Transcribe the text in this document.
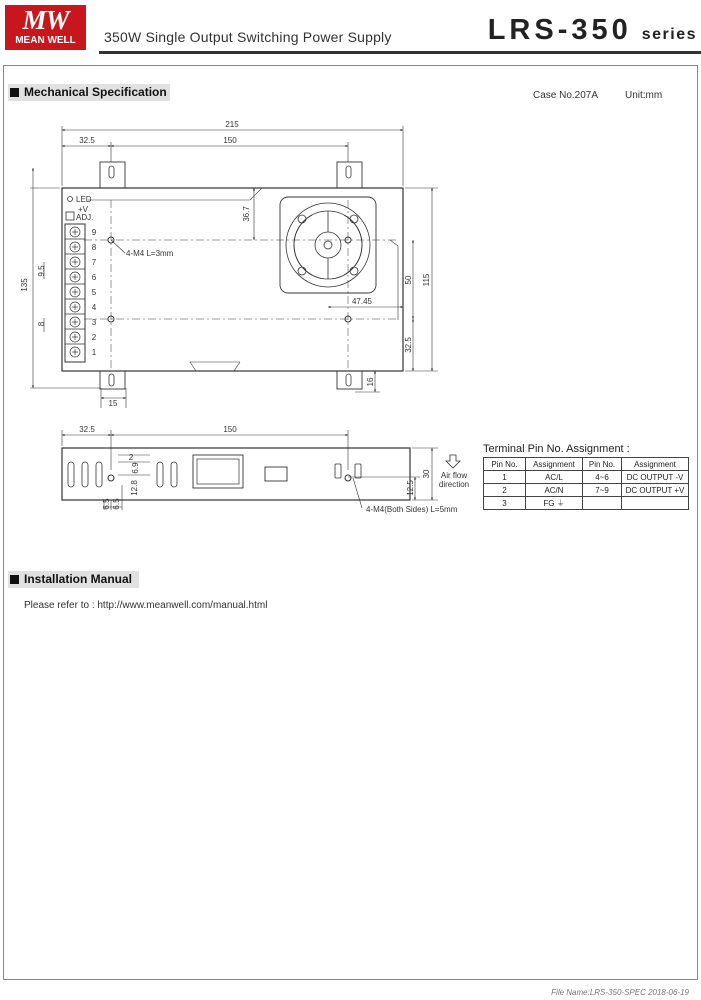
MW
MEAN WELL	350W Single Output Switching Power Supply	LRS-350 series
Mechanical Specification	Case No.207A	Unit:mm
215
32.5	150
135
9.5
8
36.7
50 115
47.45
32.5
16
15
4-M4 L=3mm
LED
+V
ADJ.
9
8
7
6
5
4
3
2
1
32.5	150
2
6.9
12.8
6.5 6.5
12.5
30 Air flow
direction
4-M4(Both Sides) L=5mm
Terminal Pin No. Assignment :
Pin No.	Assignment	Pin No.	Assignment
1	AC/L	4~6	DC OUTPUT -V
2	AC/N	7~9	DC OUTPUT +V
3	FG ⏚		
Installation Manual
Please refer to : http://www.meanwell.com/manual.html
File Name:LRS-350-SPEC 2018-06-19
